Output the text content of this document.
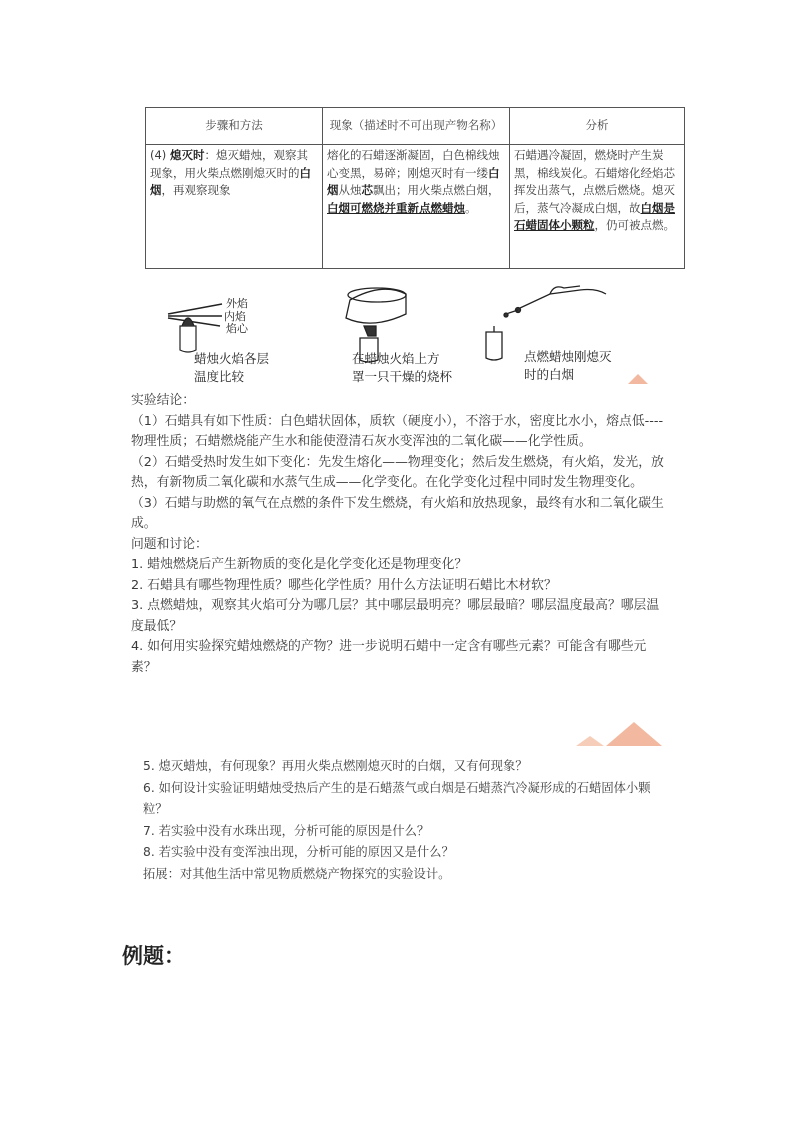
步骤和方法	现象（描述时不可出现产物名称）	分析
(4) 熄灭时：熄灭蜡烛，观察其现象，用火柴点燃刚熄灭时的白烟，再观察现象	熔化的石蜡逐渐凝固，白色棉线烛心变黑，易碎；刚熄灭时有一缕白烟从烛芯飘出；用火柴点燃白烟，白烟可燃烧并重新点燃蜡烛。	石蜡遇冷凝固，燃烧时产生炭黑，棉线炭化。石蜡熔化经焰芯挥发出蒸气，点燃后燃烧。熄灭后，蒸气冷凝成白烟，故白烟是石蜡固体小颗粒，仍可被点燃。
外焰
内焰
焰心
蜡烛火焰各层
温度比较
在蜡烛火焰上方
罩一只干燥的烧杯
点燃蜡烛刚熄灭
时的白烟

实验结论：

（1）石蜡具有如下性质：白色蜡状固体，质软（硬度小），不溶于水，密度比水小，熔点低----物理性质；石蜡燃烧能产生水和能使澄清石灰水变浑浊的二氧化碳——化学性质。

（2）石蜡受热时发生如下变化：先发生熔化——物理变化；然后发生燃烧，有火焰，发光，放热，有新物质二氧化碳和水蒸气生成——化学变化。在化学变化过程中同时发生物理变化。

（3）石蜡与助燃的氧气在点燃的条件下发生燃烧，有火焰和放热现象，最终有水和二氧化碳生成。

问题和讨论：

1. 蜡烛燃烧后产生新物质的变化是化学变化还是物理变化？

2. 石蜡具有哪些物理性质？哪些化学性质？用什么方法证明石蜡比木材软？

3. 点燃蜡烛，观察其火焰可分为哪几层？其中哪层最明亮？哪层最暗？哪层温度最高？哪层温度最低？

4. 如何用实验探究蜡烛燃烧的产物？进一步说明石蜡中一定含有哪些元素？可能含有哪些元素？

5. 熄灭蜡烛，有何现象？再用火柴点燃刚熄灭时的白烟，又有何现象？

6. 如何设计实验证明蜡烛受热后产生的是石蜡蒸气或白烟是石蜡蒸汽冷凝形成的石蜡固体小颗粒？

7. 若实验中没有水珠出现，分析可能的原因是什么？

8. 若实验中没有变浑浊出现，分析可能的原因又是什么？

拓展：对其他生活中常见物质燃烧产物探究的实验设计。

例题：
